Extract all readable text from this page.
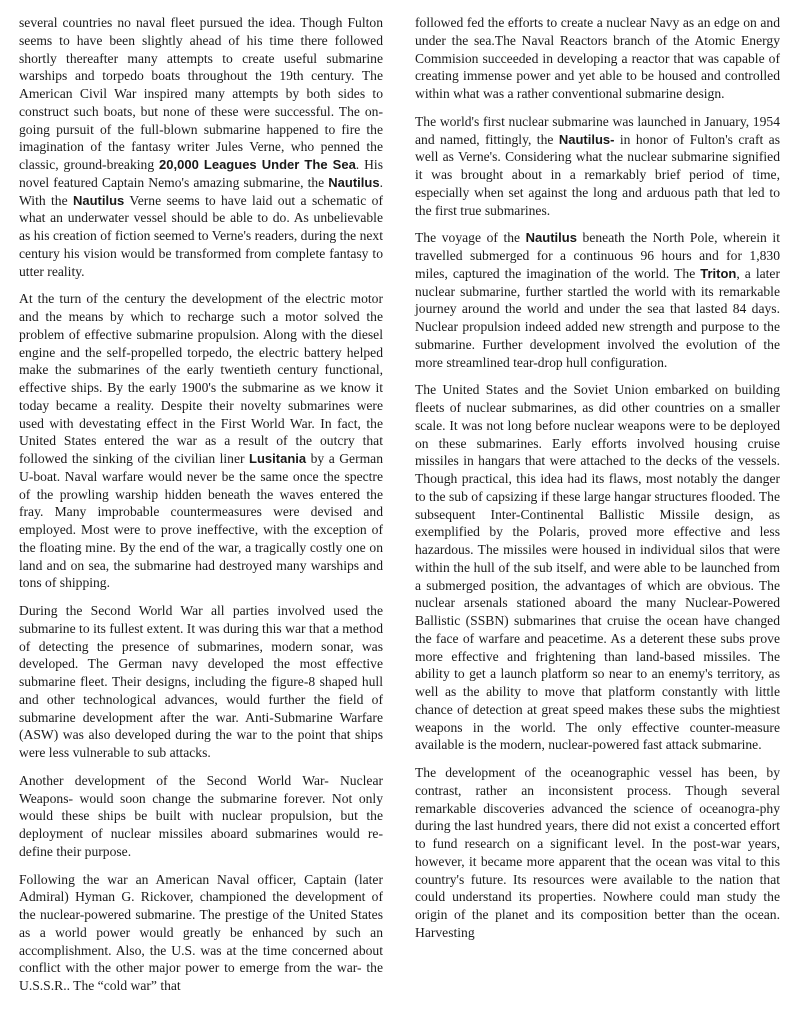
several countries no naval fleet pursued the idea. Though Fulton seems to have been slightly ahead of his time there followed shortly thereafter many attempts to create useful submarine warships and torpedo boats throughout the 19th century. The American Civil War inspired many attempts by both sides to construct such boats, but none of these were successful. The on-going pursuit of the full-blown submarine happened to fire the imagination of the fantasy writer Jules Verne, who penned the classic, ground-breaking 20,000 Leagues Under The Sea. His novel featured Captain Nemo's amazing submarine, the Nautilus. With the Nautilus Verne seems to have laid out a schematic of what an underwater vessel should be able to do. As unbelievable as his creation of fiction seemed to Verne's readers, during the next century his vision would be transformed from complete fantasy to utter reality.

At the turn of the century the development of the electric motor and the means by which to recharge such a motor solved the problem of effective submarine propulsion. Along with the diesel engine and the self-propelled torpedo, the electric battery helped make the submarines of the early twentieth century functional, effective ships. By the early 1900's the submarine as we know it today became a reality. Despite their novelty submarines were used with devestating effect in the First World War. In fact, the United States entered the war as a result of the outcry that followed the sinking of the civilian liner Lusitania by a German U-boat. Naval warfare would never be the same once the spectre of the prowling warship hidden beneath the waves entered the fray. Many improbable countermeasures were devised and employed. Most were to prove ineffective, with the exception of the floating mine. By the end of the war, a tragically costly one on land and on sea, the submarine had destroyed many warships and tons of shipping.

During the Second World War all parties involved used the submarine to its fullest extent. It was during this war that a method of detecting the presence of submarines, modern sonar, was developed. The German navy developed the most effective submarine fleet. Their designs, including the figure-8 shaped hull and other technological advances, would further the field of submarine development after the war. Anti-Submarine Warfare (ASW) was also developed during the war to the point that ships were less vulnerable to sub attacks.

Another development of the Second World War- Nuclear Weapons- would soon change the submarine forever. Not only would these ships be built with nuclear propulsion, but the deployment of nuclear missiles aboard submarines would re-define their purpose.

Following the war an American Naval officer, Captain (later Admiral) Hyman G. Rickover, championed the development of the nuclear-powered submarine. The prestige of the United States as a world power would greatly be enhanced by such an accomplishment. Also, the U.S. was at the time concerned about conflict with the other major power to emerge from the war- the U.S.S.R.. The “cold war” that

followed fed the efforts to create a nuclear Navy as an edge on and under the sea.The Naval Reactors branch of the Atomic Energy Commision succeeded in developing a reactor that was capable of creating immense power and yet able to be housed and controlled within what was a rather conventional submarine design.

The world's first nuclear submarine was launched in January, 1954 and named, fittingly, the Nautilus- in honor of Fulton's craft as well as Verne's. Considering what the nuclear submarine signified it was brought about in a remarkably brief period of time, especially when set against the long and arduous path that led to the first true submarines.

The voyage of the Nautilus beneath the North Pole, wherein it travelled submerged for a continuous 96 hours and for 1,830 miles, captured the imagination of the world. The Triton, a later nuclear submarine, further startled the world with its remarkable journey around the world and under the sea that lasted 84 days. Nuclear propulsion indeed added new strength and purpose to the submarine. Further development involved the evolution of the more streamlined tear-drop hull configuration.

The United States and the Soviet Union embarked on building fleets of nuclear submarines, as did other countries on a smaller scale. It was not long before nuclear weapons were to be deployed on these submarines. Early efforts involved housing cruise missiles in hangars that were attached to the decks of the vessels. Though practical, this idea had its flaws, most notably the danger to the sub of capsizing if these large hangar structures flooded. The subsequent Inter-Continental Ballistic Missile design, as exemplified by the Polaris, proved more effective and less hazardous. The missiles were housed in individual silos that were within the hull of the sub itself, and were able to be launched from a submerged position, the advantages of which are obvious. The nuclear arsenals stationed aboard the many Nuclear-Powered Ballistic (SSBN) submarines that cruise the ocean have changed the face of warfare and peacetime. As a deterent these subs prove more effective and frightening than land-based missiles. The ability to get a launch platform so near to an enemy's territory, as well as the ability to move that platform constantly with little chance of detection at great speed makes these subs the mightiest weapons in the world. The only effective counter-measure available is the modern, nuclear-powered fast attack submarine.

The development of the oceanographic vessel has been, by contrast, rather an inconsistent process. Though several remarkable discoveries advanced the science of oceanogra-phy during the last hundred years, there did not exist a concerted effort to fund research on a significant level. In the post-war years, however, it became more apparent that the ocean was vital to this country's future. Its resources were available to the nation that could understand its properties. Nowhere could man study the origin of the planet and its composition better than the ocean. Harvesting
